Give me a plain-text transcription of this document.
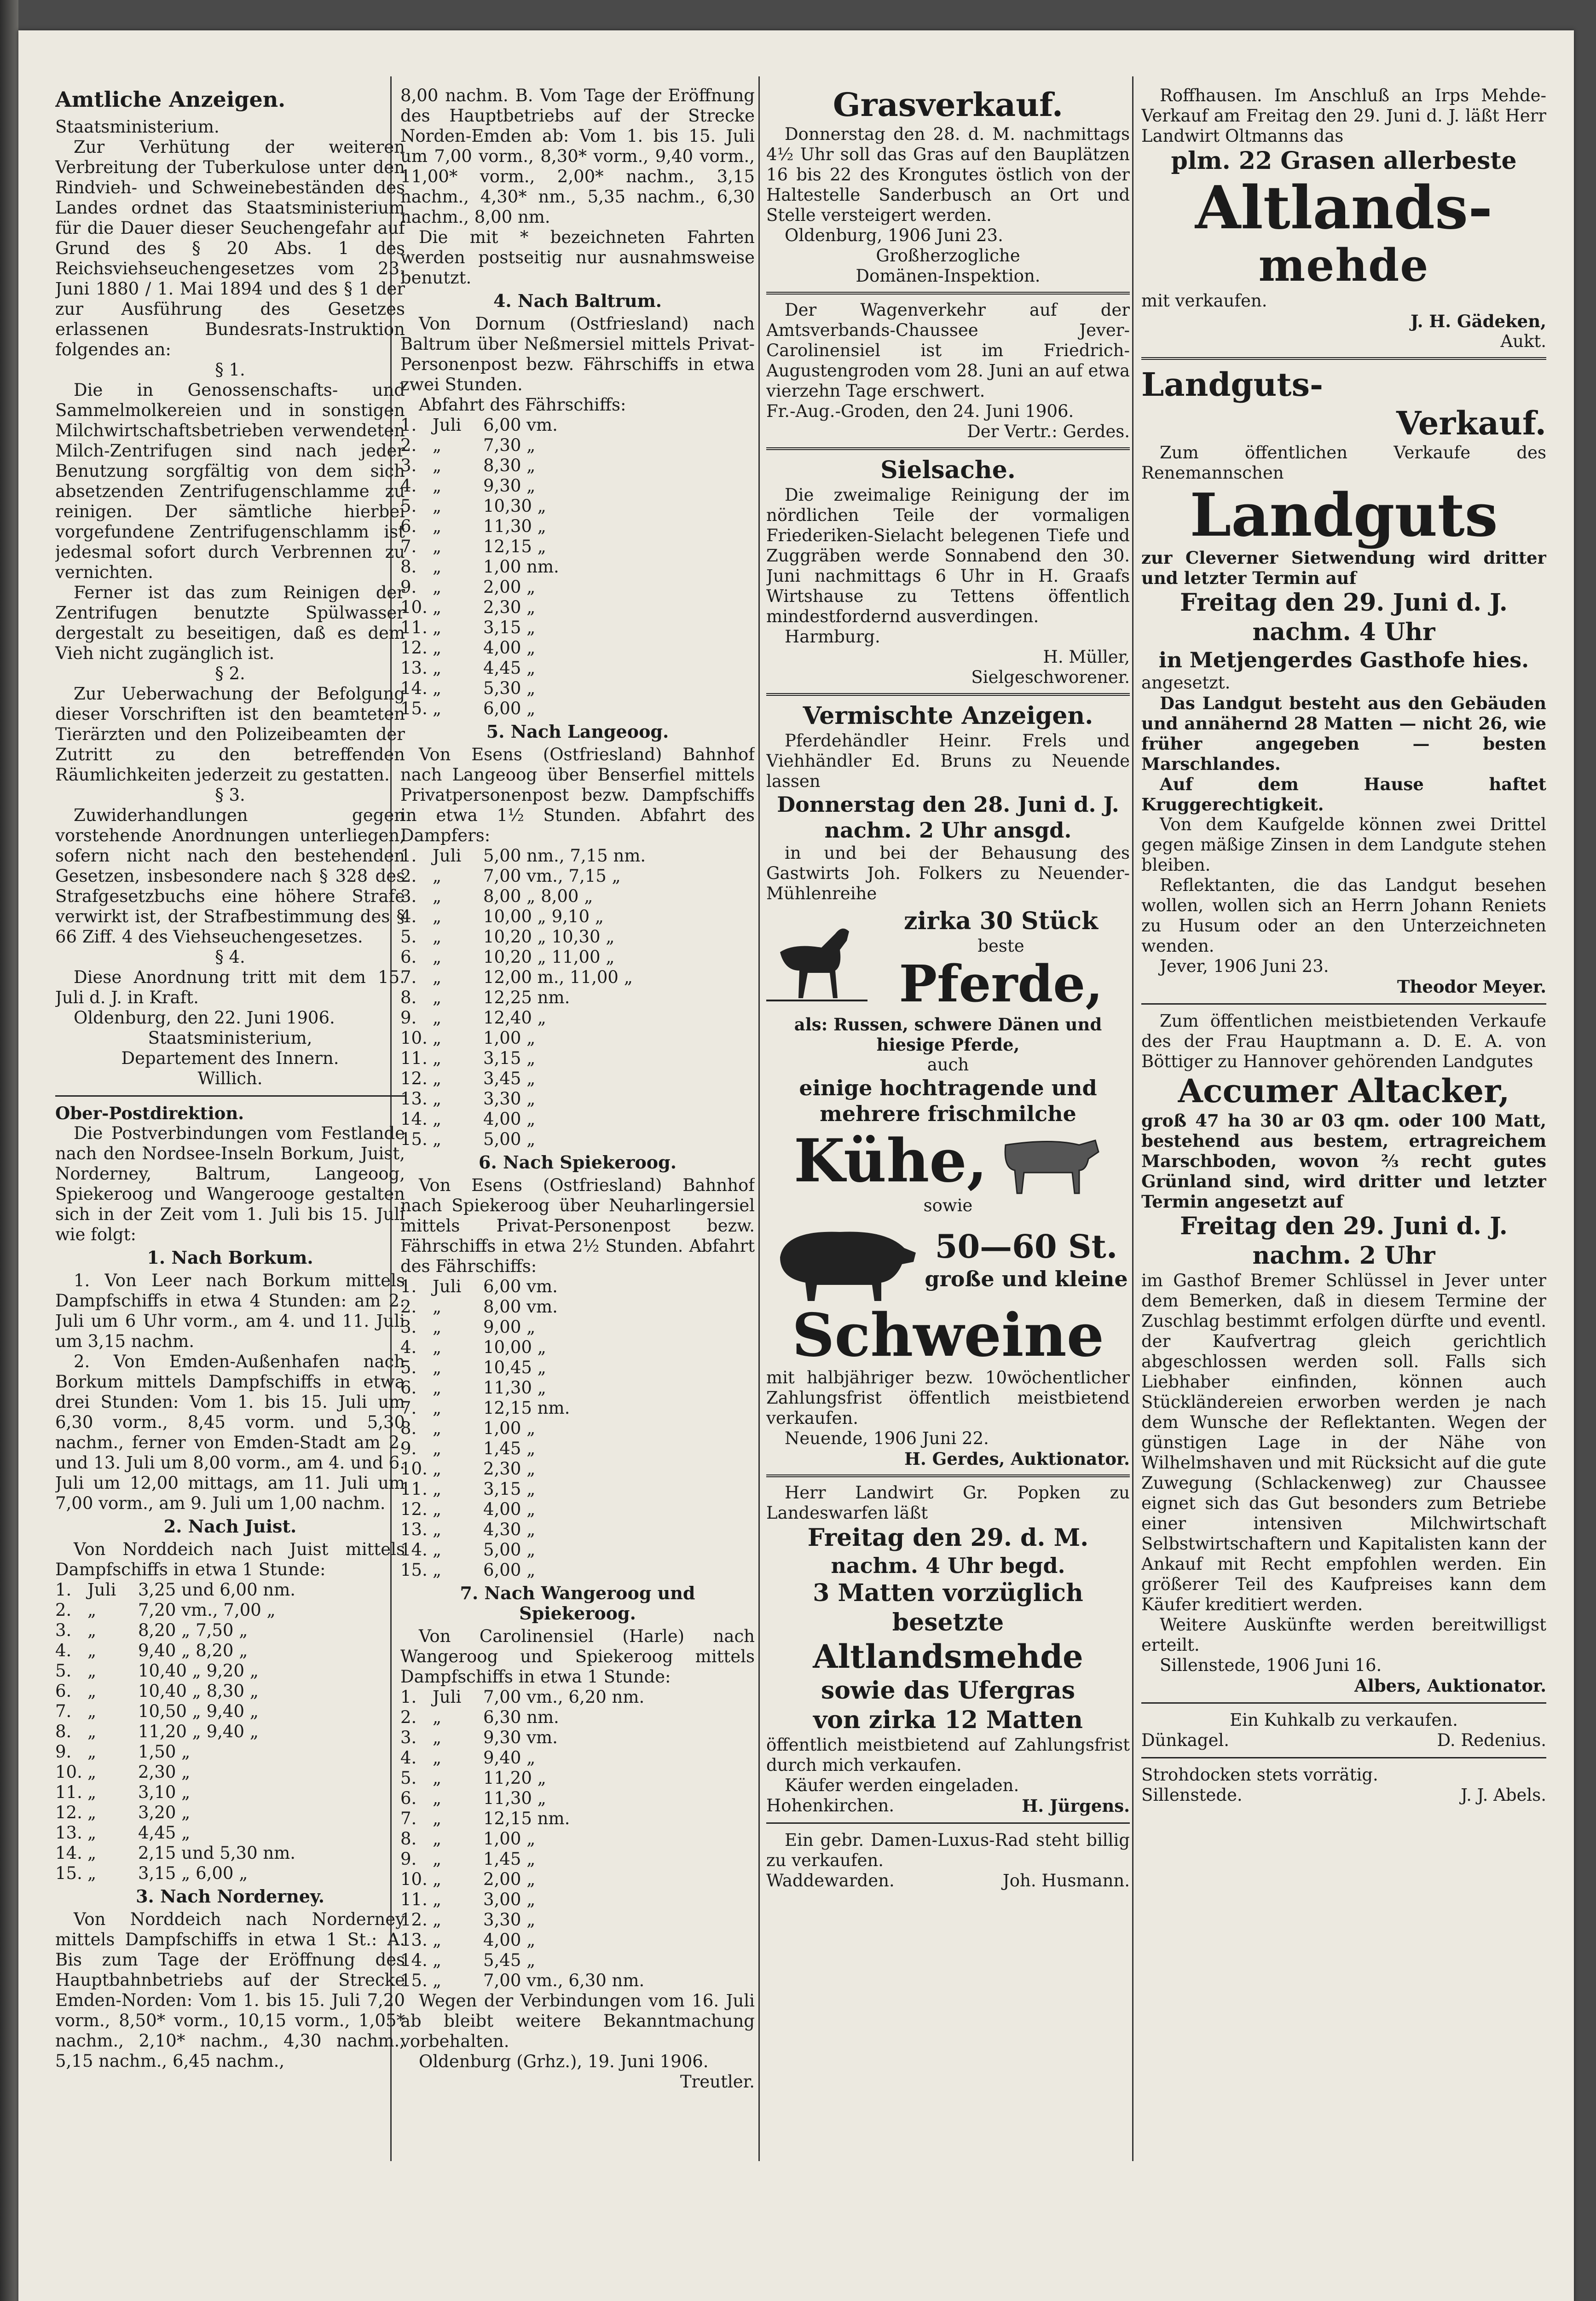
Amtliche Anzeigen.

Staatsministerium.

Zur Verhütung der weiteren Verbreitung der Tuberkulose unter den Rindvieh- und Schweinebeständen des Landes ordnet das Staatsministerium für die Dauer dieser Seuchengefahr auf Grund des § 20 Abs. 1 des Reichsviehseuchengesetzes vom 23. Juni 1880 / 1. Mai 1894 und des § 1 der zur Ausführung des Gesetzes erlassenen Bundesrats-Instruktion folgendes an:

§ 1.

Die in Genossenschafts- und Sammelmolkereien und in sonstigen Milchwirtschaftsbetrieben verwendeten Milch-Zentrifugen sind nach jeder Benutzung sorgfältig von dem sich absetzenden Zentrifugenschlamme zu reinigen. Der sämtliche hierbei vorgefundene Zentrifugenschlamm ist jedesmal sofort durch Verbrennen zu vernichten.

Ferner ist das zum Reinigen der Zentrifugen benutzte Spülwasser dergestalt zu beseitigen, daß es dem Vieh nicht zugänglich ist.

§ 2.

Zur Ueberwachung der Befolgung dieser Vorschriften ist den beamteten Tierärzten und den Polizeibeamten der Zutritt zu den betreffenden Räumlichkeiten jederzeit zu gestatten.

§ 3.

Zuwiderhandlungen gegen vorstehende Anordnungen unterliegen, sofern nicht nach den bestehenden Gesetzen, insbesondere nach § 328 des Strafgesetzbuchs eine höhere Strafe verwirkt ist, der Strafbestimmung des § 66 Ziff. 4 des Viehseuchengesetzes.

§ 4.

Diese Anordnung tritt mit dem 15. Juli d. J. in Kraft.

Oldenburg, den 22. Juni 1906.

Staatsministerium,

Departement des Innern.

Willich.

Ober-Postdirektion.

Die Postverbindungen vom Festlande nach den Nordsee-Inseln Borkum, Juist, Norderney, Baltrum, Langeoog, Spiekeroog und Wangerooge gestalten sich in der Zeit vom 1. Juli bis 15. Juli wie folgt:

1. Nach Borkum.

1. Von Leer nach Borkum mittels Dampfschiffs in etwa 4 Stunden: am 2. Juli um 6 Uhr vorm., am 4. und 11. Juli um 3,15 nachm.

2. Von Emden-Außenhafen nach Borkum mittels Dampfschiffs in etwa drei Stunden: Vom 1. bis 15. Juli um 6,30 vorm., 8,45 vorm. und 5,30 nachm., ferner von Emden-Stadt am 2. und 13. Juli um 8,00 vorm., am 4. und 6. Juli um 12,00 mittags, am 11. Juli um 7,00 vorm., am 9. Juli um 1,00 nachm.

2. Nach Juist.

Von Norddeich nach Juist mittels Dampfschiffs in etwa 1 Stunde:

1. Juli	3,25 und 6,00 nm.
2. „	7,20 vm., 7,00 „
3. „	8,20 „ 7,50 „
4. „	9,40 „ 8,20 „
5. „	10,40 „ 9,20 „
6. „	10,40 „ 8,30 „
7. „	10,50 „ 9,40 „
8. „	11,20 „ 9,40 „
9. „	1,50 „
10. „	2,30 „
11. „	3,10 „
12. „	3,20 „
13. „	4,45 „
14. „	2,15 und 5,30 nm.
15. „	3,15 „ 6,00 „

3. Nach Norderney.

Von Norddeich nach Norderney mittels Dampfschiffs in etwa 1 St.: A. Bis zum Tage der Eröffnung des Hauptbahnbetriebs auf der Strecke Emden-Norden: Vom 1. bis 15. Juli 7,20 vorm., 8,50* vorm., 10,15 vorm., 1,05* nachm., 2,10* nachm., 4,30 nachm., 5,15 nachm., 6,45 nachm.,

8,00 nachm. B. Vom Tage der Eröffnung des Hauptbetriebs auf der Strecke Norden-Emden ab: Vom 1. bis 15. Juli um 7,00 vorm., 8,30* vorm., 9,40 vorm., 11,00* vorm., 2,00* nachm., 3,15 nachm., 4,30* nm., 5,35 nachm., 6,30 nachm., 8,00 nm.

Die mit * bezeichneten Fahrten werden postseitig nur ausnahmsweise benutzt.

4. Nach Baltrum.

Von Dornum (Ostfriesland) nach Baltrum über Neßmersiel mittels Privat-Personenpost bezw. Fährschiffs in etwa zwei Stunden.

Abfahrt des Fährschiffs:

1. Juli	6,00 vm.
2. „	7,30 „
3. „	8,30 „
4. „	9,30 „
5. „	10,30 „
6. „	11,30 „
7. „	12,15 „
8. „	1,00 nm.
9. „	2,00 „
10. „	2,30 „
11. „	3,15 „
12. „	4,00 „
13. „	4,45 „
14. „	5,30 „
15. „	6,00 „

5. Nach Langeoog.

Von Esens (Ostfriesland) Bahnhof nach Langeoog über Benserfiel mittels Privatpersonenpost bezw. Dampfschiffs in etwa 1½ Stunden. Abfahrt des Dampfers:

1. Juli	5,00 nm., 7,15 nm.
2. „	7,00 vm., 7,15 „
3. „	8,00 „ 8,00 „
4. „	10,00 „ 9,10 „
5. „	10,20 „ 10,30 „
6. „	10,20 „ 11,00 „
7. „	12,00 m., 11,00 „
8. „	12,25 nm.
9. „	12,40 „
10. „	1,00 „
11. „	3,15 „
12. „	3,45 „
13. „	3,30 „
14. „	4,00 „
15. „	5,00 „

6. Nach Spiekeroog.

Von Esens (Ostfriesland) Bahnhof nach Spiekeroog über Neuharlingersiel mittels Privat-Personenpost bezw. Fährschiffs in etwa 2½ Stunden. Abfahrt des Fährschiffs:

1. Juli	6,00 vm.
2. „	8,00 vm.
3. „	9,00 „
4. „	10,00 „
5. „	10,45 „
6. „	11,30 „
7. „	12,15 nm.
8. „	1,00 „
9. „	1,45 „
10. „	2,30 „
11. „	3,15 „
12. „	4,00 „
13. „	4,30 „
14. „	5,00 „
15. „	6,00 „

7. Nach Wangeroog und Spiekeroog.

Von Carolinensiel (Harle) nach Wangeroog und Spiekeroog mittels Dampfschiffs in etwa 1 Stunde:

1. Juli	7,00 vm., 6,20 nm.
2. „	6,30 nm.
3. „	9,30 vm.
4. „	9,40 „
5. „	11,20 „
6. „	11,30 „
7. „	12,15 nm.
8. „	1,00 „
9. „	1,45 „
10. „	2,00 „
11. „	3,00 „
12. „	3,30 „
13. „	4,00 „
14. „	5,45 „
15. „	7,00 vm., 6,30 nm.

Wegen der Verbindungen vom 16. Juli ab bleibt weitere Bekanntmachung vorbehalten.

Oldenburg (Grhz.), 19. Juni 1906.

Treutler.

Grasverkauf.

Donnerstag den 28. d. M. nachmittags 4½ Uhr soll das Gras auf den Bauplätzen 16 bis 22 des Krongutes östlich von der Haltestelle Sanderbusch an Ort und Stelle versteigert werden.

Oldenburg, 1906 Juni 23.

Großherzogliche

Domänen-Inspektion.

Der Wagenverkehr auf der Amtsverbands-Chaussee Jever-Carolinensiel ist im Friedrich-Augustengroden vom 28. Juni an auf etwa vierzehn Tage erschwert.

Fr.-Aug.-Groden, den 24. Juni 1906.

Der Vertr.: Gerdes.

Sielsache.

Die zweimalige Reinigung der im nördlichen Teile der vormaligen Friederiken-Sielacht belegenen Tiefe und Zuggräben werde Sonnabend den 30. Juni nachmittags 6 Uhr in H. Graafs Wirtshause zu Tettens öffentlich mindestfordernd ausverdingen.

Harmburg.

H. Müller,

Sielgeschworener.

Vermischte Anzeigen.

Pferdehändler Heinr. Frels und Viehhändler Ed. Bruns zu Neuende lassen

Donnerstag den 28. Juni d. J.

nachm. 2 Uhr ansgd.

in und bei der Behausung des Gastwirts Joh. Folkers zu Neuender-Mühlenreihe

zirka 30 Stück
beste
Pferde,

als: Russen, schwere Dänen und hiesige Pferde,

auch

einige hochtragende und mehrere frischmilche

Kühe,

sowie

50—60 St.
große und kleine
Schweine

mit halbjähriger bezw. 10wöchentlicher Zahlungsfrist öffentlich meistbietend verkaufen.

Neuende, 1906 Juni 22.

H. Gerdes, Auktionator.

Herr Landwirt Gr. Popken zu Landeswarfen läßt

Freitag den 29. d. M.

nachm. 4 Uhr begd.

3 Matten vorzüglich besetzte

Altlandsmehde

sowie das Ufergras

von zirka 12 Matten

öffentlich meistbietend auf Zahlungsfrist durch mich verkaufen.

Käufer werden eingeladen.

Hohenkirchen.	H. Jürgens.

Ein gebr. Damen-Luxus-Rad steht billig zu verkaufen.

Waddewarden.	Joh. Husmann.

Roffhausen. Im Anschluß an Irps Mehde-Verkauf am Freitag den 29. Juni d. J. läßt Herr Landwirt Oltmanns das

plm. 22 Grasen allerbeste

Altlands-
mehde

mit verkaufen.

J. H. Gädeken,

Aukt.

Landguts-
Verkauf.

Zum öffentlichen Verkaufe des Renemannschen

Landguts

zur Cleverner Sietwendung wird dritter und letzter Termin auf

Freitag den 29. Juni d. J.

nachm. 4 Uhr

in Metjengerdes Gasthofe hies.

angesetzt.

Das Landgut besteht aus den Gebäuden und annähernd 28 Matten — nicht 26, wie früher angegeben — besten Marschlandes.

Auf dem Hause haftet Kruggerechtigkeit.

Von dem Kaufgelde können zwei Drittel gegen mäßige Zinsen in dem Landgute stehen bleiben.

Reflektanten, die das Landgut besehen wollen, wollen sich an Herrn Johann Reniets zu Husum oder an den Unterzeichneten wenden.

Jever, 1906 Juni 23.

Theodor Meyer.

Zum öffentlichen meistbietenden Verkaufe des der Frau Hauptmann a. D. E. A. von Böttiger zu Hannover gehörenden Landgutes

Accumer Altacker,

groß 47 ha 30 ar 03 qm. oder 100 Matt, bestehend aus bestem, ertragreichem Marschboden, wovon ⅔ recht gutes Grünland sind, wird dritter und letzter Termin angesetzt auf

Freitag den 29. Juni d. J.

nachm. 2 Uhr

im Gasthof Bremer Schlüssel in Jever unter dem Bemerken, daß in diesem Termine der Zuschlag bestimmt erfolgen dürfte und eventl. der Kaufvertrag gleich gerichtlich abgeschlossen werden soll. Falls sich Liebhaber einfinden, können auch Stückländereien erworben werden je nach dem Wunsche der Reflektanten. Wegen der günstigen Lage in der Nähe von Wilhelmshaven und mit Rücksicht auf die gute Zuwegung (Schlackenweg) zur Chaussee eignet sich das Gut besonders zum Betriebe einer intensiven Milchwirtschaft Selbstwirtschaftern und Kapitalisten kann der Ankauf mit Recht empfohlen werden. Ein größerer Teil des Kaufpreises kann dem Käufer kreditiert werden.

Weitere Auskünfte werden bereitwilligst erteilt.

Sillenstede, 1906 Juni 16.

Albers, Auktionator.

Ein Kuhkalb zu verkaufen.

Dünkagel.	D. Redenius.

Strohdocken stets vorrätig.

Sillenstede.	J. J. Abels.
